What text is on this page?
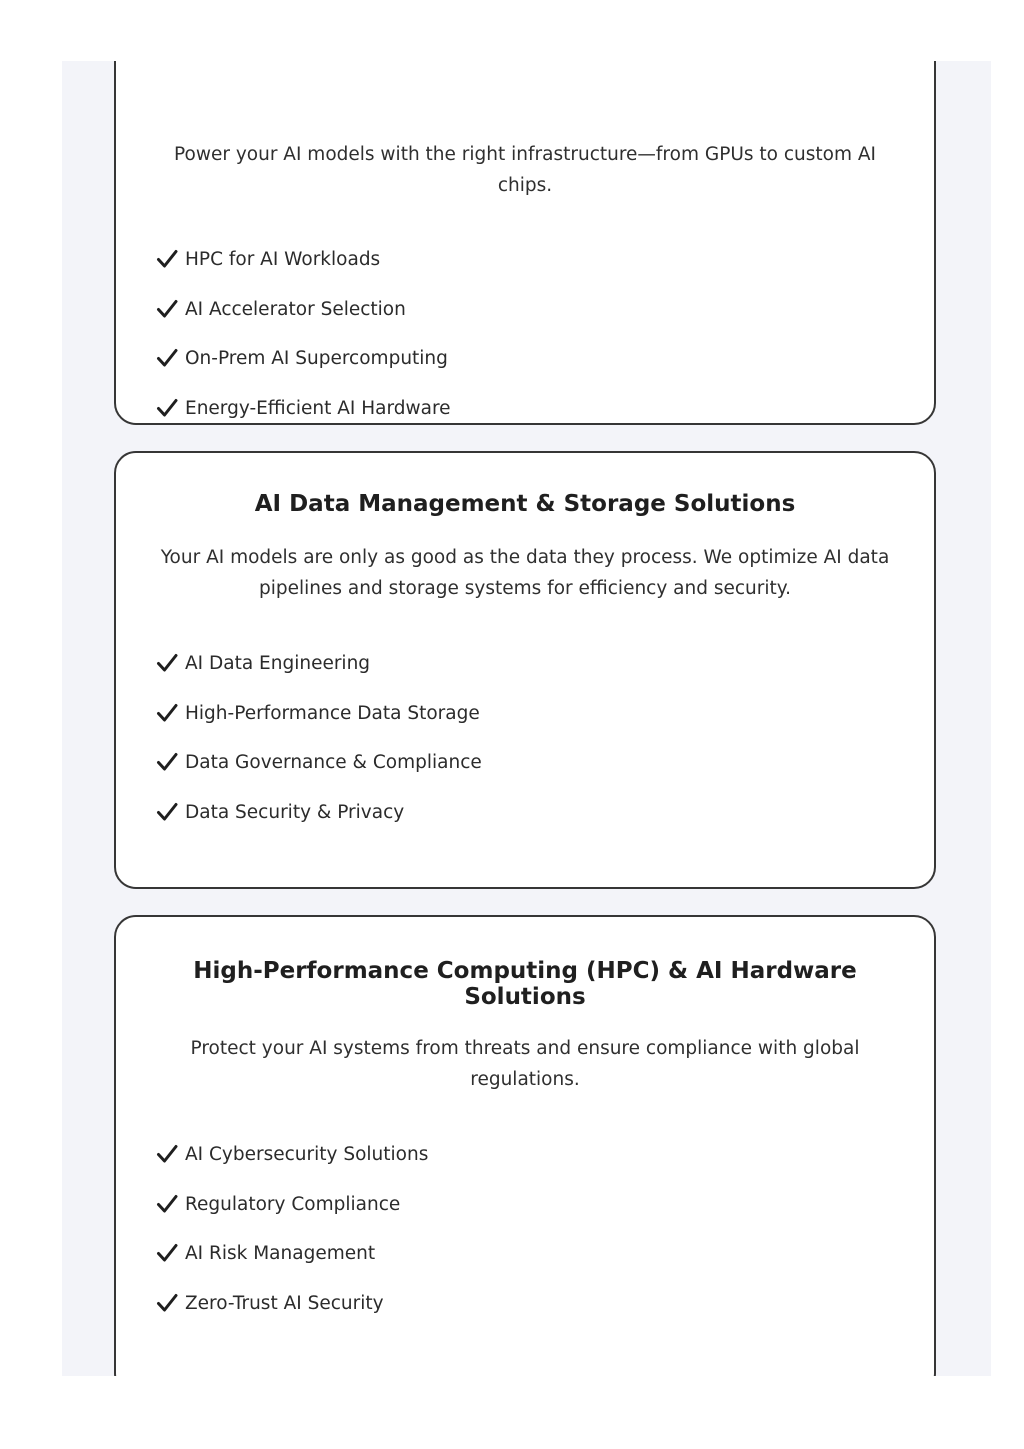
Power your AI models with the right infrastructure—from GPUs to custom AI chips.

HPC for AI Workloads
AI Accelerator Selection
On-Prem AI Supercomputing
Energy-Efficient AI Hardware
AI Data Management & Storage Solutions

Your AI models are only as good as the data they process. We optimize AI data pipelines and storage systems for efficiency and security.

AI Data Engineering
High-Performance Data Storage
Data Governance & Compliance
Data Security & Privacy
High-Performance Computing (HPC) & AI Hardware Solutions

Protect your AI systems from threats and ensure compliance with global regulations.

AI Cybersecurity Solutions
Regulatory Compliance
AI Risk Management
Zero-Trust AI Security
